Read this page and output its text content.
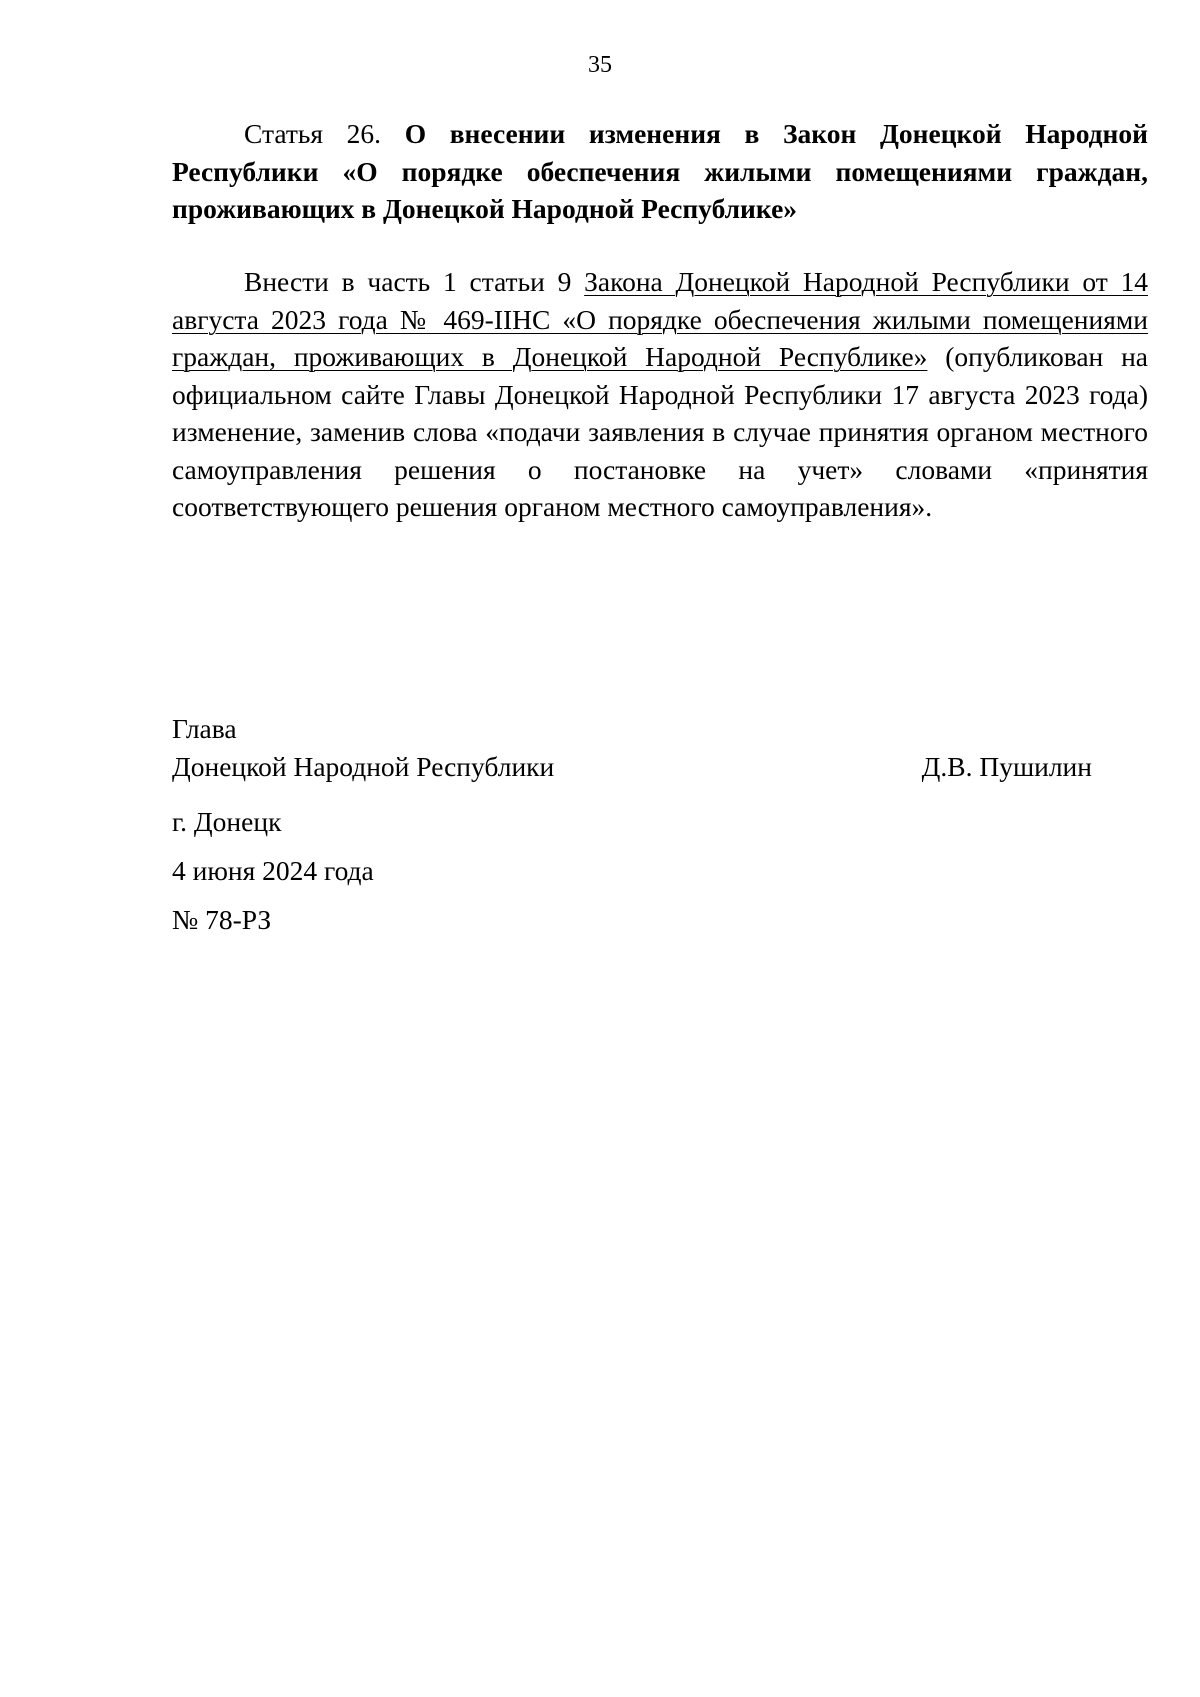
35
Статья 26. О внесении изменения в Закон Донецкой Народной Республики «О порядке обеспечения жилыми помещениями граждан, проживающих в Донецкой Народной Республике»
Внести в часть 1 статьи 9 Закона Донецкой Народной Республики от 14 августа 2023 года № 469-IIНС «О порядке обеспечения жилыми помещениями граждан, проживающих в Донецкой Народной Республике» (опубликован на официальном сайте Главы Донецкой Народной Республики 17 августа 2023 года) изменение, заменив слова «подачи заявления в случае принятия органом местного самоуправления решения о постановке на учет» словами «принятия соответствующего решения органом местного самоуправления».
Глава
Донецкой Народной Республики	Д.В. Пушилин
г. Донецк
4 июня 2024 года
№ 78-РЗ
